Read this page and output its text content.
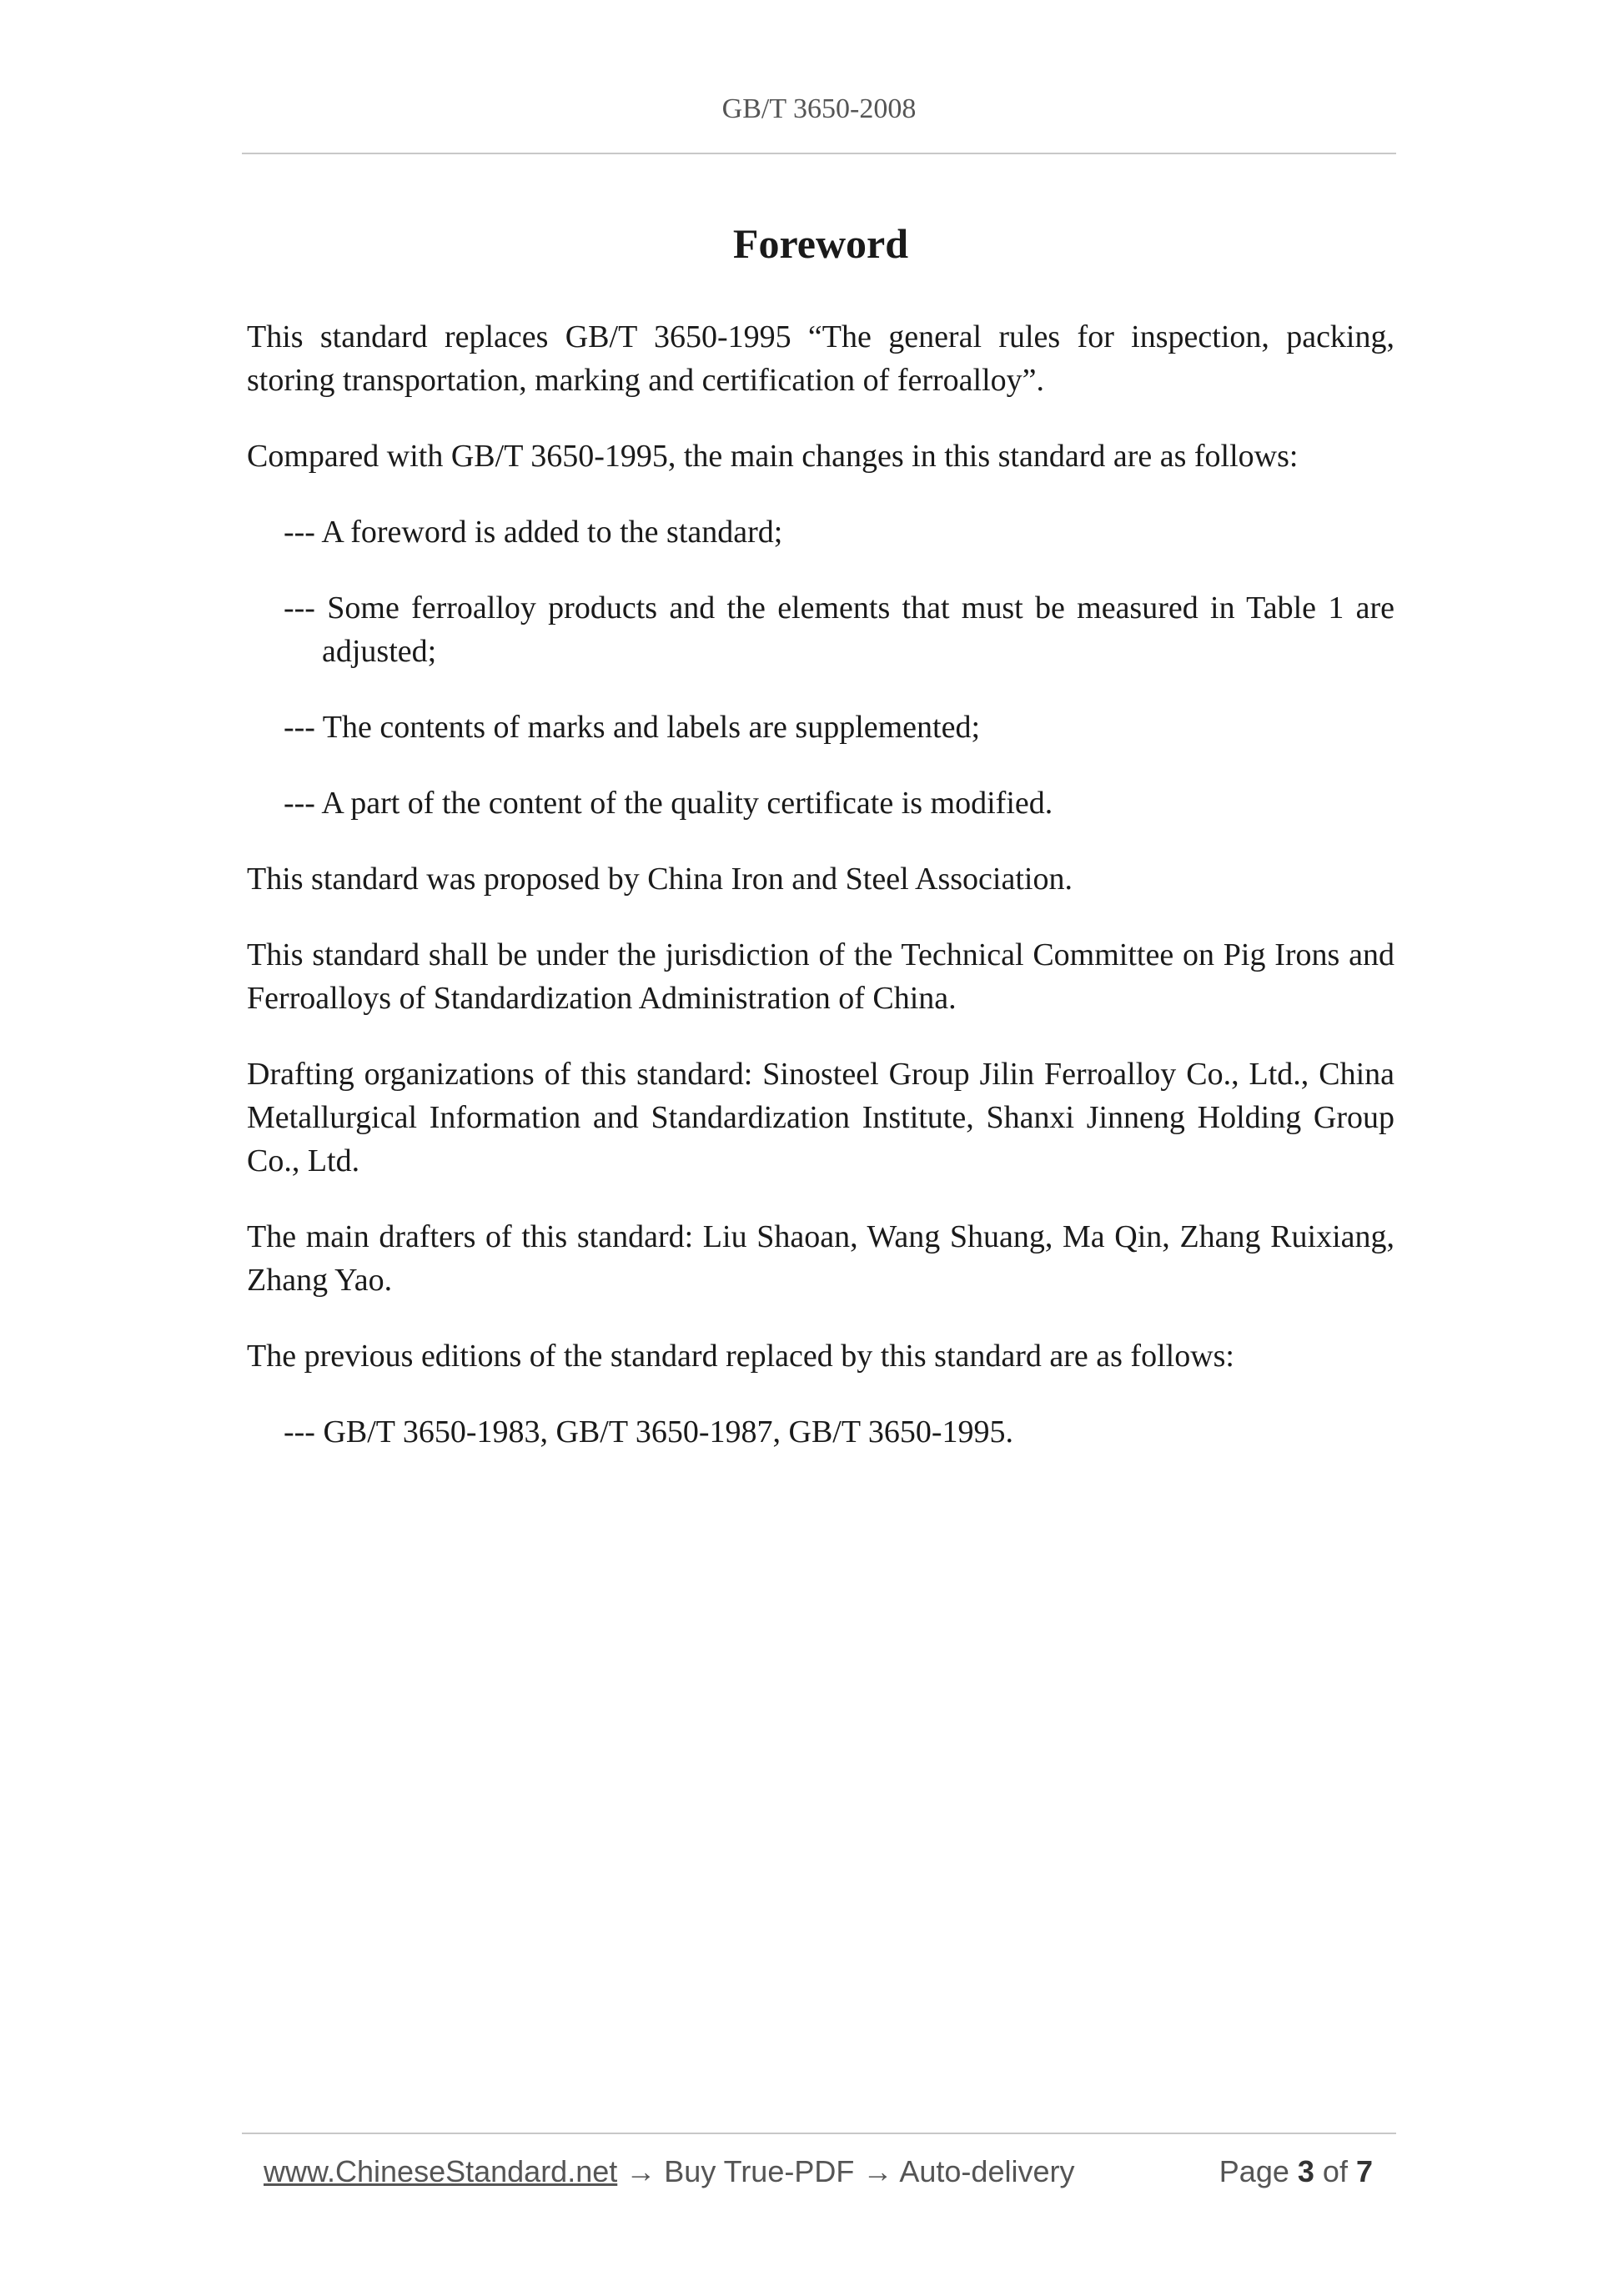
GB/T 3650-2008
Foreword

This standard replaces GB/T 3650-1995 “The general rules for inspection, packing, storing transportation, marking and certification of ferroalloy”.

Compared with GB/T 3650-1995, the main changes in this standard are as follows:

--- A foreword is added to the standard;

--- Some ferroalloy products and the elements that must be measured in Table 1 are adjusted;

--- The contents of marks and labels are supplemented;

--- A part of the content of the quality certificate is modified.

This standard was proposed by China Iron and Steel Association.

This standard shall be under the jurisdiction of the Technical Committee on Pig Irons and Ferroalloys of Standardization Administration of China.

Drafting organizations of this standard: Sinosteel Group Jilin Ferroalloy Co., Ltd., China Metallurgical Information and Standardization Institute, Shanxi Jinneng Holding Group Co., Ltd.

The main drafters of this standard: Liu Shaoan, Wang Shuang, Ma Qin, Zhang Ruixiang, Zhang Yao.

The previous editions of the standard replaced by this standard are as follows:

--- GB/T 3650-1983, GB/T 3650-1987, GB/T 3650-1995.

www.ChineseStandard.net → Buy True-PDF → Auto-delivery	Page 3 of 7
